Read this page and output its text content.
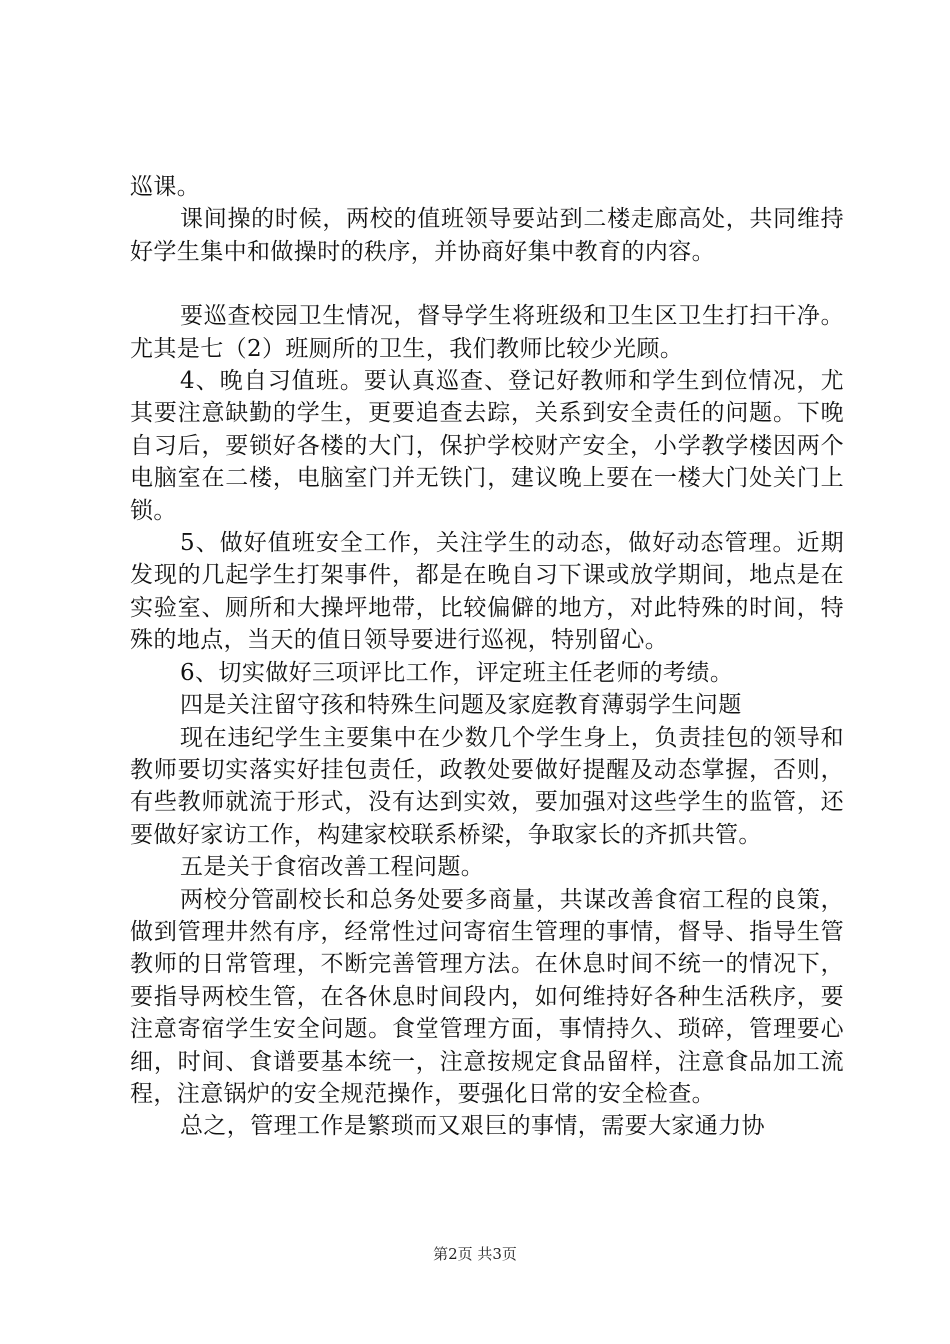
巡课。

课间操的时候，两校的值班领导要站到二楼走廊高处，共同维持好学生集中和做操时的秩序，并协商好集中教育的内容。

要巡查校园卫生情况，督导学生将班级和卫生区卫生打扫干净。尤其是七（2）班厕所的卫生，我们教师比较少光顾。

4、晚自习值班。要认真巡查、登记好教师和学生到位情况，尤其要注意缺勤的学生，更要追查去踪，关系到安全责任的问题。下晚自习后，要锁好各楼的大门，保护学校财产安全，小学教学楼因两个电脑室在二楼，电脑室门并无铁门，建议晚上要在一楼大门处关门上锁。

5、做好值班安全工作，关注学生的动态，做好动态管理。近期发现的几起学生打架事件，都是在晚自习下课或放学期间，地点是在实验室、厕所和大操坪地带，比较偏僻的地方，对此特殊的时间，特殊的地点，当天的值日领导要进行巡视，特别留心。

6、切实做好三项评比工作，评定班主任老师的考绩。

四是关注留守孩和特殊生问题及家庭教育薄弱学生问题

现在违纪学生主要集中在少数几个学生身上，负责挂包的领导和教师要切实落实好挂包责任，政教处要做好提醒及动态掌握，否则，有些教师就流于形式，没有达到实效，要加强对这些学生的监管，还要做好家访工作，构建家校联系桥梁，争取家长的齐抓共管。

五是关于食宿改善工程问题。

两校分管副校长和总务处要多商量，共谋改善食宿工程的良策，做到管理井然有序，经常性过问寄宿生管理的事情，督导、指导生管教师的日常管理，不断完善管理方法。在休息时间不统一的情况下，要指导两校生管，在各休息时间段内，如何维持好各种生活秩序，要注意寄宿学生安全问题。食堂管理方面，事情持久、琐碎，管理要心细，时间、食谱要基本统一，注意按规定食品留样，注意食品加工流程，注意锅炉的安全规范操作，要强化日常的安全检查。

总之，管理工作是繁琐而又艰巨的事情，需要大家通力协

第2页 共3页
